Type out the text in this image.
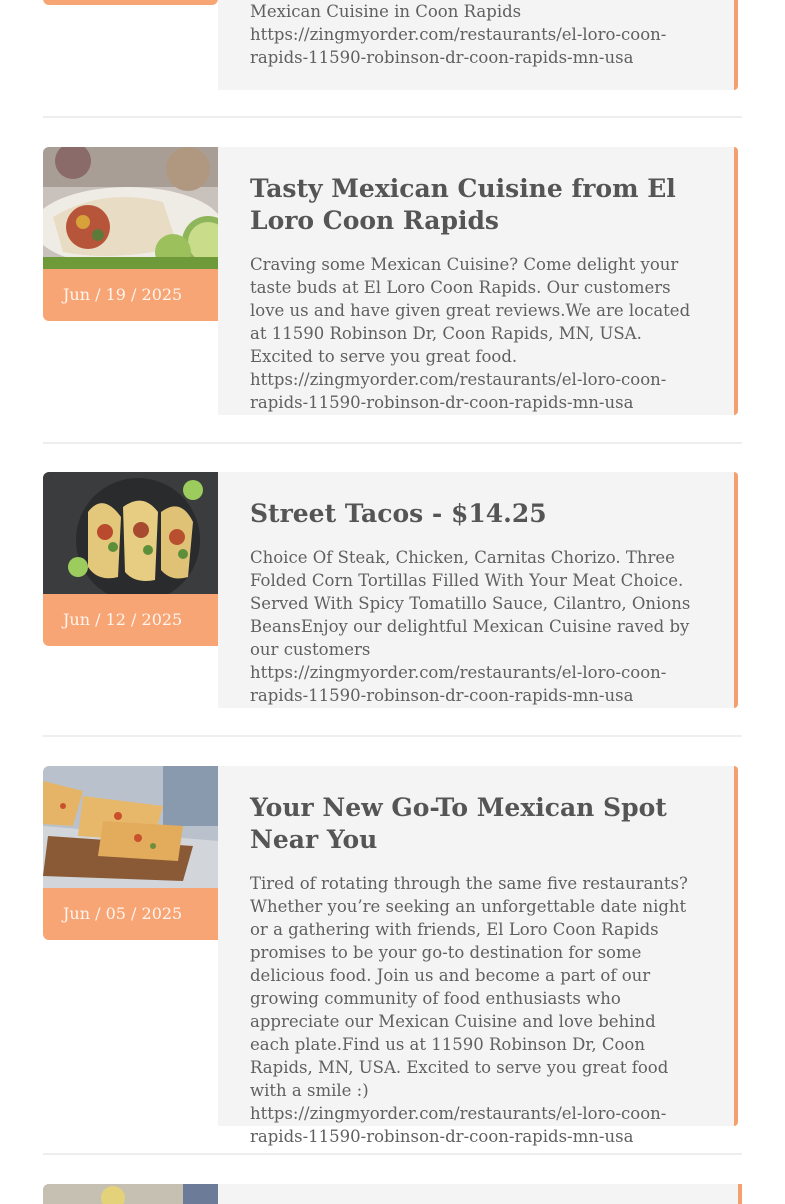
Mexican Cuisine in Coon Rapids
https://zingmyorder.com/restaurants/el-loro-coon-rapids-11590-robinson-dr-coon-rapids-mn-usa

Jun / 19 / 2025
Tasty Mexican Cuisine from El Loro Coon Rapids

Craving some Mexican Cuisine? Come delight your taste buds at El Loro Coon Rapids. Our customers love us and have given great reviews.We are located at 11590 Robinson Dr, Coon Rapids, MN, USA. Excited to serve you great food. https://zingmyorder.com/restaurants/el-loro-coon-rapids-11590-robinson-dr-coon-rapids-mn-usa

Jun / 12 / 2025
Street Tacos - $14.25

Choice Of Steak, Chicken, Carnitas Chorizo. Three Folded Corn Tortillas Filled With Your Meat Choice. Served With Spicy Tomatillo Sauce, Cilantro, Onions BeansEnjoy our delightful Mexican Cuisine raved by our customers https://zingmyorder.com/restaurants/el-loro-coon-rapids-11590-robinson-dr-coon-rapids-mn-usa

Jun / 05 / 2025
Your New Go-To Mexican Spot Near You

Tired of rotating through the same five restaurants? Whether you’re seeking an unforgettable date night or a gathering with friends, El Loro Coon Rapids promises to be your go-to destination for some delicious food. Join us and become a part of our growing community of food enthusiasts who appreciate our Mexican Cuisine and love behind each plate.Find us at 11590 Robinson Dr, Coon Rapids, MN, USA. Excited to serve you great food with a smile :) https://zingmyorder.com/restaurants/el-loro-coon-rapids-11590-robinson-dr-coon-rapids-mn-usa
